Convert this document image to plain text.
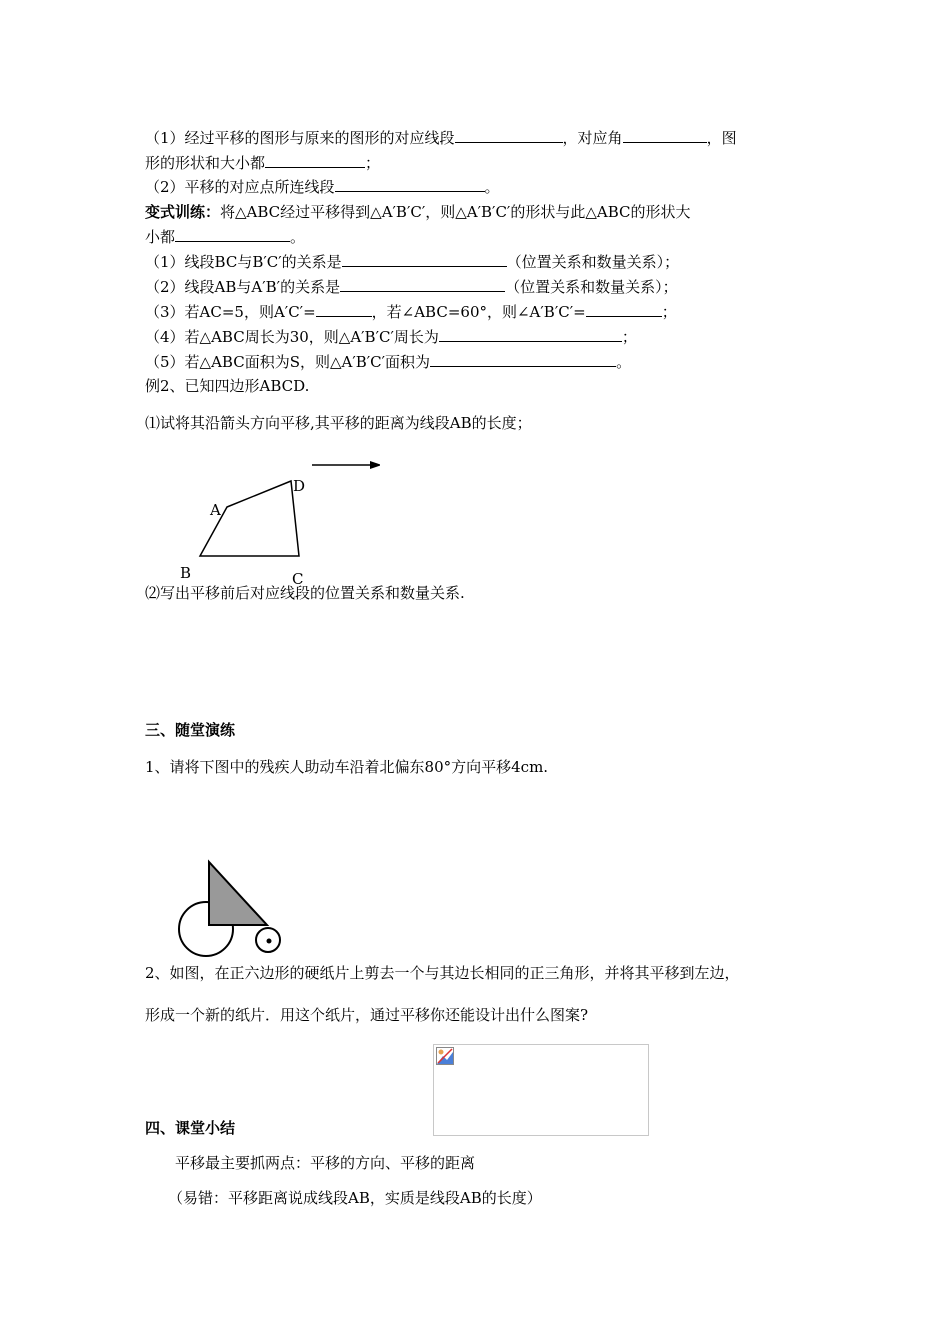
（1）经过平移的图形与原来的图形的对应线段	，对应角	，图
形的形状和大小都	；
（2）平移的对应点所连线段	。
变式训练：将△ABC经过平移得到△A′B′C′，则△A′B′C′的形状与此△ABC的形状大
小都	。
（1）线段BC与B′C′的关系是	（位置关系和数量关系）；
（2）线段AB与A′B′的关系是	（位置关系和数量关系）；
（3）若AC=5，则A′C′=	，若∠ABC=60°，则∠A′B′C′=	；
（4）若△ABC周长为30，则△A′B′C′周长为	；
（5）若△ABC面积为S，则△A′B′C′面积为	。
例2、已知四边形ABCD.
⑴试将其沿箭头方向平移,其平移的距离为线段AB的长度；
A
D
B	C
⑵写出平移前后对应线段的位置关系和数量关系.
三、随堂演练
1、请将下图中的残疾人助动车沿着北偏东80°方向平移4cm.
2、如图，在正六边形的硬纸片上剪去一个与其边长相同的正三角形，并将其平移到左边，
形成一个新的纸片．用这个纸片，通过平移你还能设计出什么图案?
四、课堂小结
平移最主要抓两点：平移的方向、平移的距离
（易错：平移距离说成线段AB，实质是线段AB的长度）
